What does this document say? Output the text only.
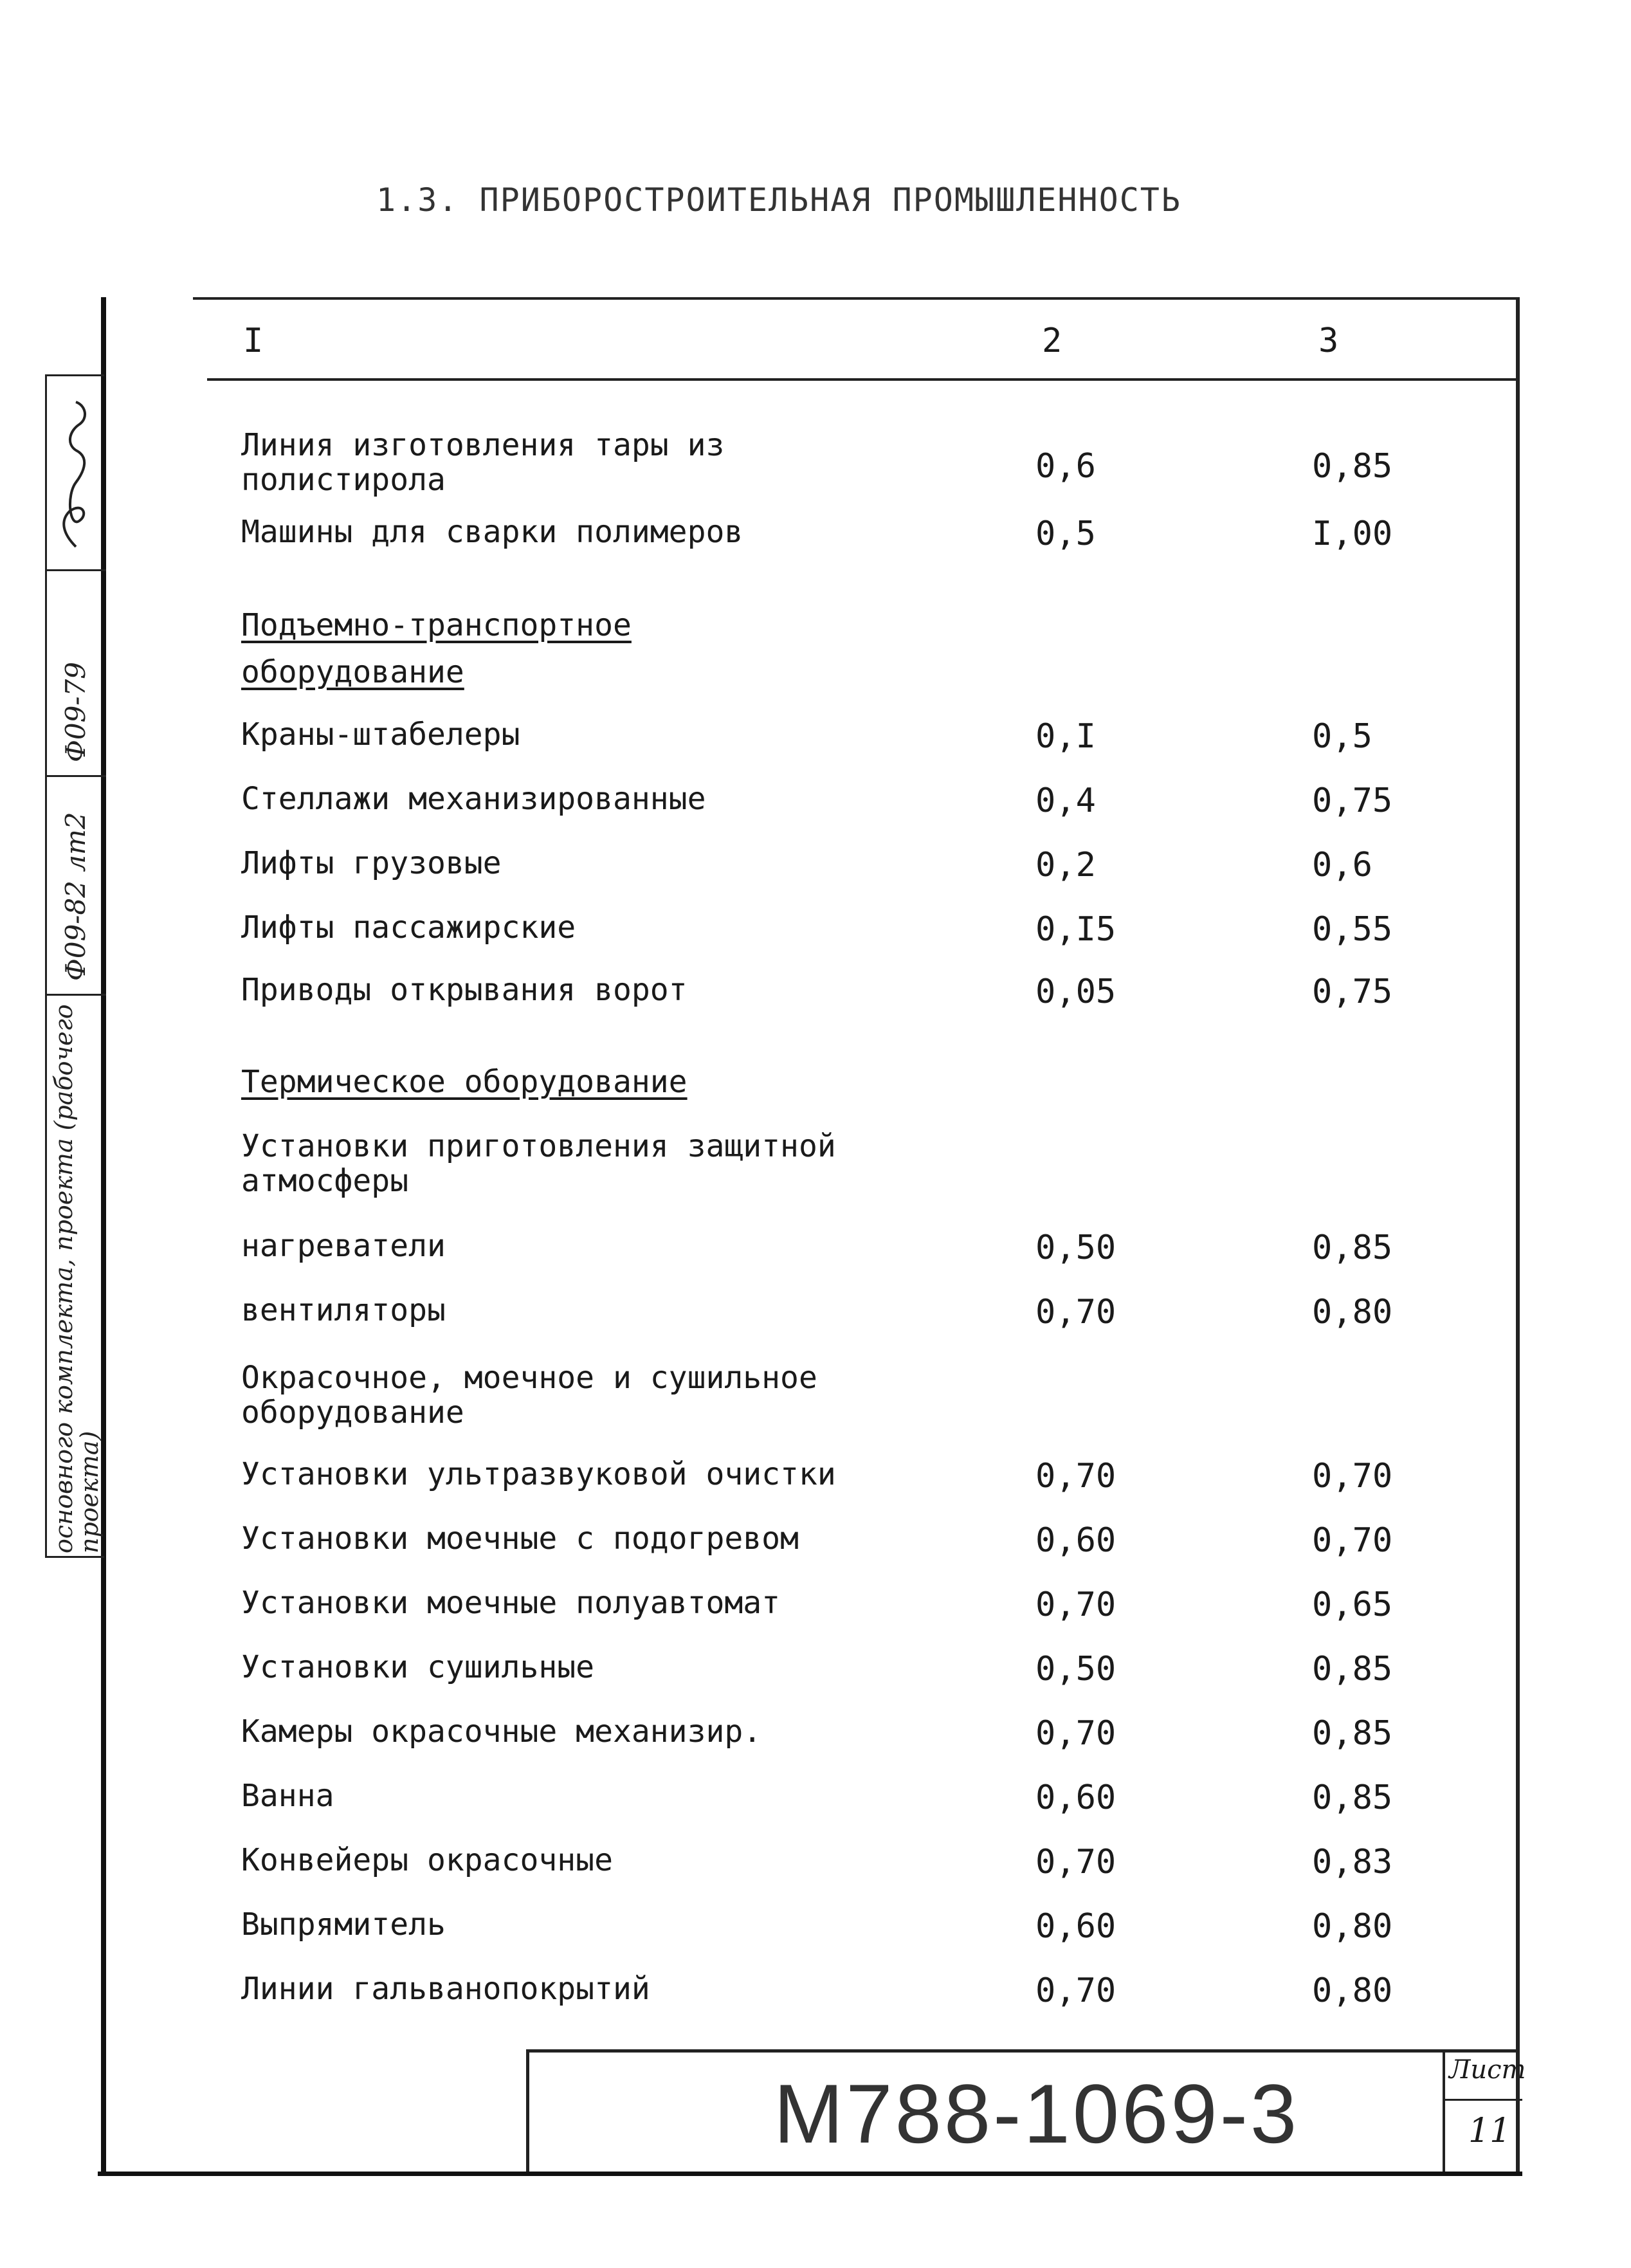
1.3. ПРИБОРОСТРОИТЕЛЬНАЯ ПРОМЫШЛЕННОСТЬ
Ф09-79
Ф09-82 лт2
основного комплекта, проекта (рабочего проекта)
I	2	3
Линия изготовления тары из
полистирола	0,6	0,85
Машины для сварки полимеров	0,5	I,00
Подъемно-транспортное
оборудование
Краны-штабелеры	0,I	0,5
Стеллажи механизированные	0,4	0,75
Лифты грузовые	0,2	0,6
Лифты пассажирские	0,I5	0,55
Приводы открывания ворот	0,05	0,75
Термическое оборудование
Установки приготовления защитной
атмосферы
нагреватели	0,50	0,85
вентиляторы	0,70	0,80
Окрасочное, моечное и сушильное
оборудование
Установки ультразвуковой очистки	0,70	0,70
Установки моечные с подогревом	0,60	0,70
Установки моечные полуавтомат	0,70	0,65
Установки сушильные	0,50	0,85
Камеры окрасочные механизир.	0,70	0,85
Ванна	0,60	0,85
Конвейеры окрасочные	0,70	0,83
Выпрямитель	0,60	0,80
Линии гальванопокрытий	0,70	0,80
М788-1069-3	Лист
11
